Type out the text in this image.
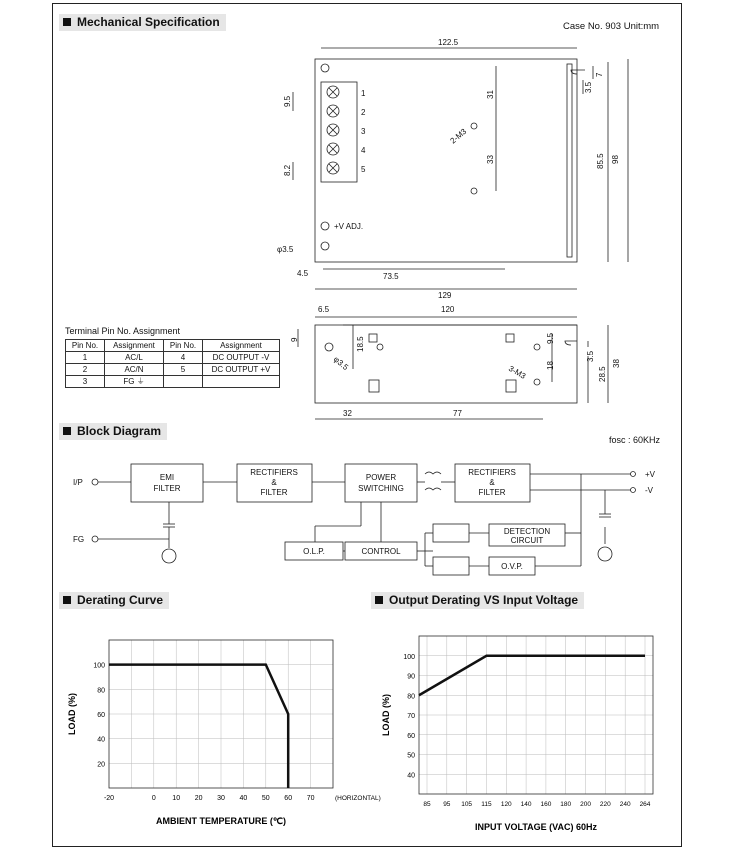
Mechanical Specification	Case No. 903 Unit:mm
122.5
129
73.5
4.5
98
85.5
31
33
9.5
8.2
7
3.5
φ3.5
2-M3
+V ADJ.
1
2
3
4
5
120
6.5
9	18.5	9.5
18
3.5
28.5
38
32	77
φ3.5
3-M3
Terminal Pin No. Assignment
Pin No.	Assignment	Pin No.	Assignment
1	AC/L	4	DC OUTPUT -V
2	AC/N	5	DC OUTPUT +V
3	FG ⏚		
Block Diagram
fosc : 60KHz
I/P
FG
EMI
FILTER
RECTIFIERS
&
FILTER
POWER
SWITCHING
RECTIFIERS
&
FILTER
O.L.P.	CONTROL
DETECTION
CIRCUIT
O.V.P.
+V
-V
Derating Curve	Output Derating VS Input Voltage
20
40
60
80
100
-20	0 10 20 30 40 50 60 70	(HORIZONTAL)
AMBIENT TEMPERATURE (℃)
LOAD (%)
40
50
60
70
80
90
100
85 95 105 115 120 140 160 180 200 220 240 264
INPUT VOLTAGE (VAC) 60Hz
LOAD (%)
